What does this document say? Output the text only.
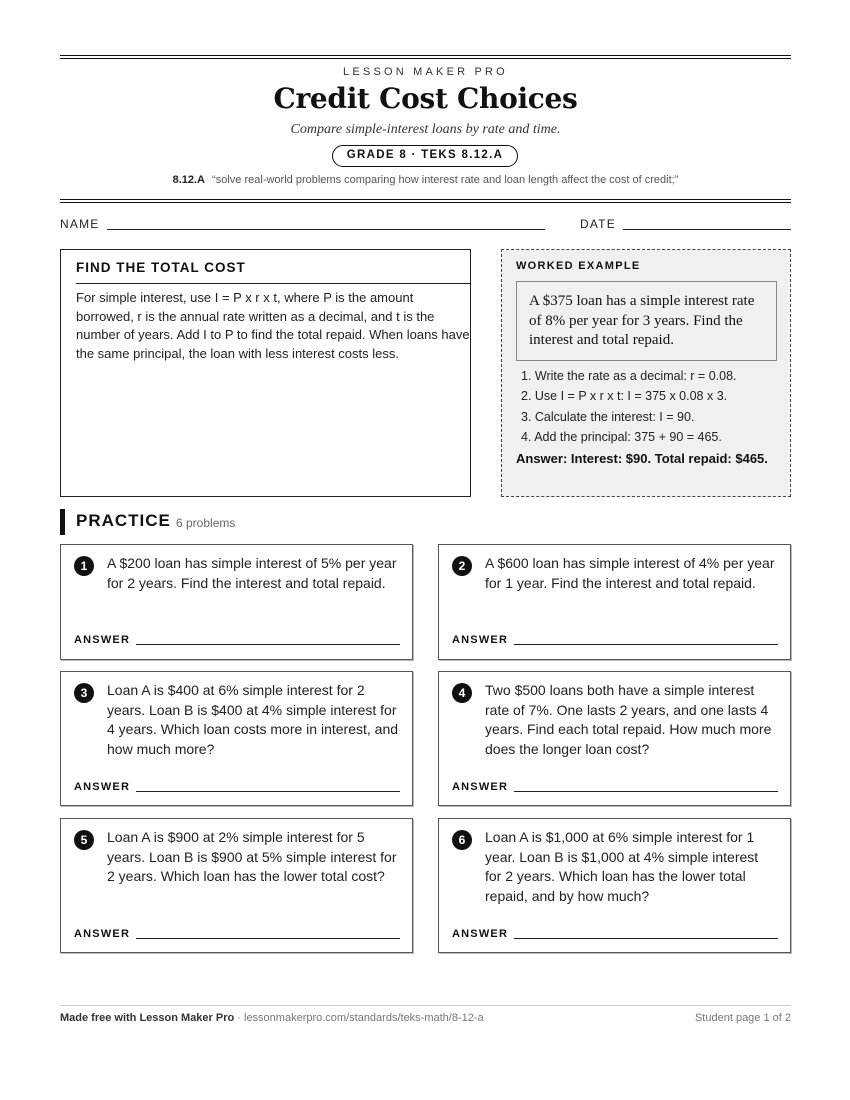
LESSON MAKER PRO
Credit Cost Choices
Compare simple-interest loans by rate and time.
GRADE 8 · TEKS 8.12.A
8.12.A “solve real-world problems comparing how interest rate and loan length affect the cost of credit;”
NAME	DATE
FIND THE TOTAL COST

For simple interest, use I = P x r x t, where P is the amount borrowed, r is the annual rate written as a decimal, and t is the number of years. Add I to P to find the total repaid. When loans have the same principal, the loan with less interest costs less.

WORKED EXAMPLE
A $375 loan has a simple interest rate of 8% per year for 3 years. Find the interest and total repaid.
1. Write the rate as a decimal: r = 0.08.
2. Use I = P x r x t: I = 375 x 0.08 x 3.
3. Calculate the interest: I = 90.
4. Add the principal: 375 + 90 = 465.
Answer: Interest: $90. Total repaid: $465.
PRACTICE 6 problems
1	A $200 loan has simple interest of 5% per year for 2 years. Find the interest and total repaid.
ANSWER
2	A $600 loan has simple interest of 4% per year for 1 year. Find the interest and total repaid.
ANSWER
3	Loan A is $400 at 6% simple interest for 2 years. Loan B is $400 at 4% simple interest for 4 years. Which loan costs more in interest, and how much more?
ANSWER
4	Two $500 loans both have a simple interest rate of 7%. One lasts 2 years, and one lasts 4 years. Find each total repaid. How much more does the longer loan cost?
ANSWER
5	Loan A is $900 at 2% simple interest for 5 years. Loan B is $900 at 5% simple interest for 2 years. Which loan has the lower total cost?
ANSWER
6	Loan A is $1,000 at 6% simple interest for 1 year. Loan B is $1,000 at 4% simple interest for 2 years. Which loan has the lower total repaid, and by how much?
ANSWER
Made free with Lesson Maker Pro · lessonmakerpro.com/standards/teks-math/8-12-a	Student page 1 of 2
